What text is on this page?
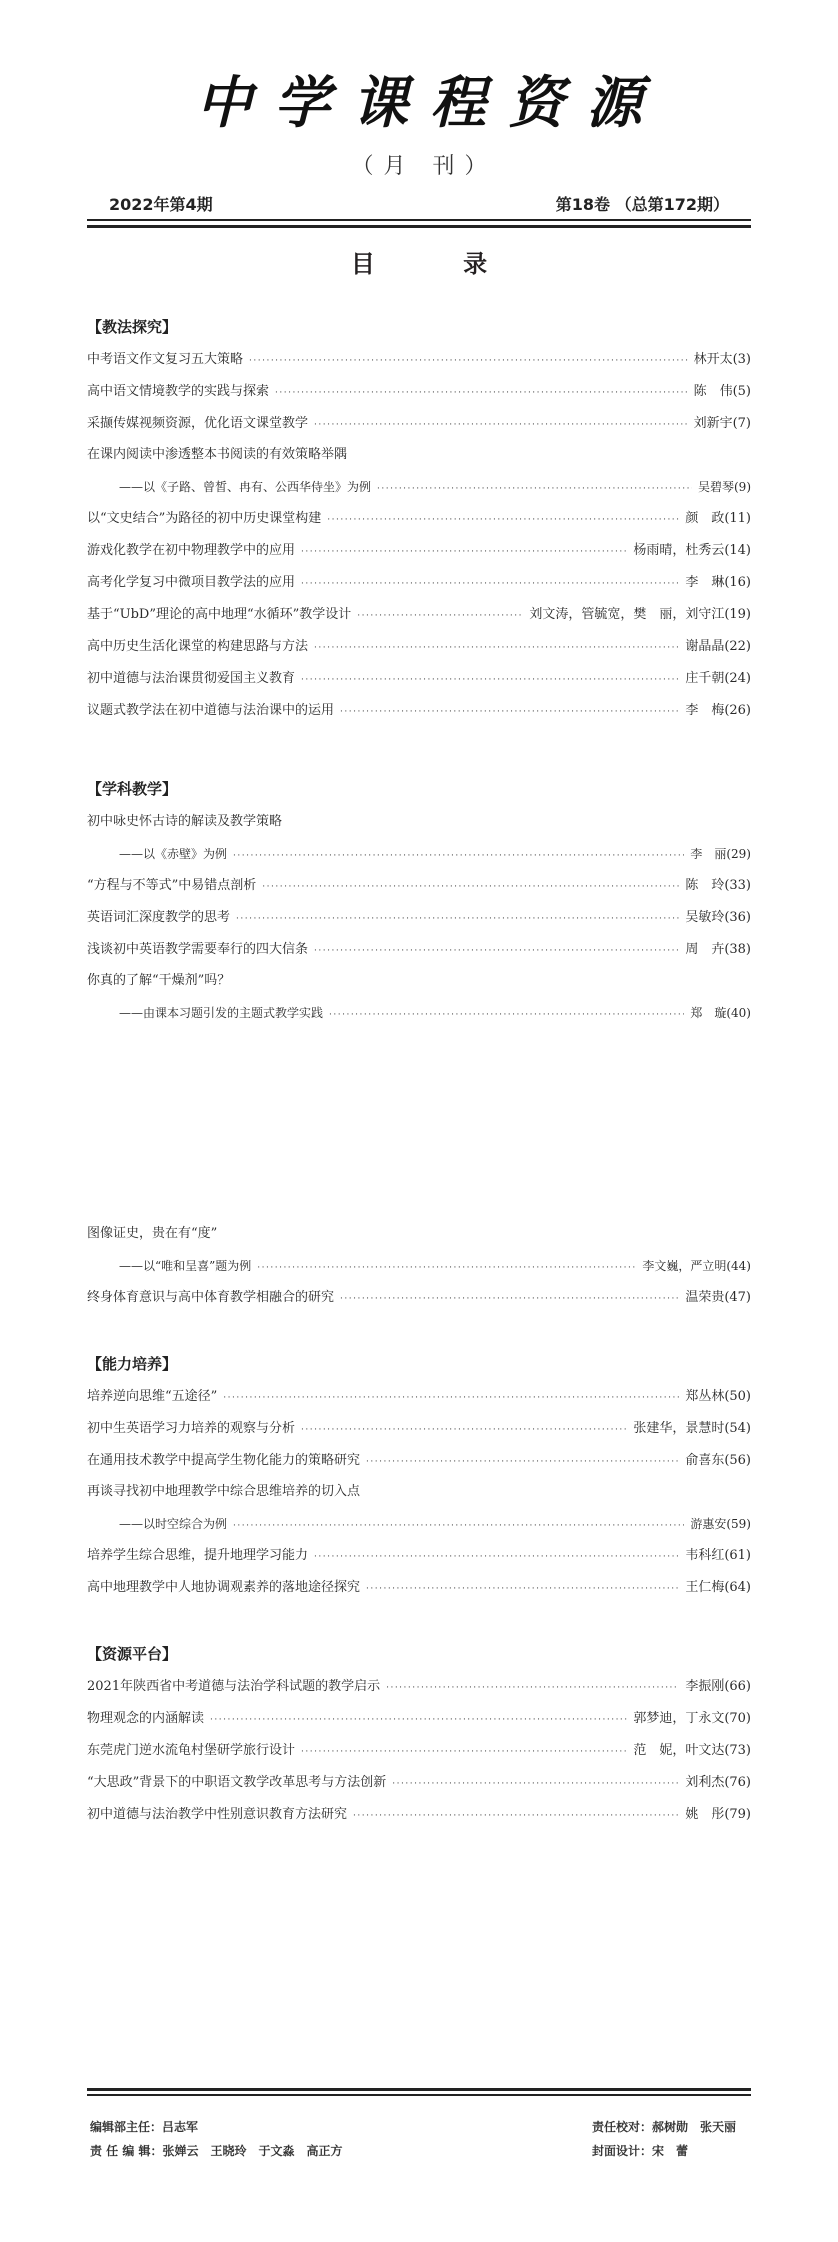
中学课程资源
（月 刊）
2022年第4期	第18卷 （总第172期）
目 录
【教法探究】
中考语文作文复习五大策略 ·····	林开太(3)
高中语文情境教学的实践与探索 ·····	陈　伟(5)
采撷传媒视频资源，优化语文课堂教学 ·····	刘新宇(7)
在课内阅读中渗透整本书阅读的有效策略举隅
——以《子路、曾皙、冉有、公西华侍坐》为例 ·····	吴碧琴(9)
以“文史结合”为路径的初中历史课堂构建 ·····	颜　政(11)
游戏化教学在初中物理教学中的应用 ·····	杨雨晴，杜秀云(14)
高考化学复习中微项目教学法的应用 ·····	李　琳(16)
基于“UbD”理论的高中地理“水循环”教学设计 ·····	刘文涛，管毓宽，樊　丽，刘守江(19)
高中历史生活化课堂的构建思路与方法 ·····	谢晶晶(22)
初中道德与法治课贯彻爱国主义教育 ·····	庄千朝(24)
议题式教学法在初中道德与法治课中的运用 ·····	李　梅(26)
【学科教学】
初中咏史怀古诗的解读及教学策略
——以《赤壁》为例 ·····	李　丽(29)
“方程与不等式”中易错点剖析 ·····	陈　玲(33)
英语词汇深度教学的思考 ·····	吴敏玲(36)
浅谈初中英语教学需要奉行的四大信条 ·····	周　卉(38)
你真的了解“干燥剂”吗？
——由课本习题引发的主题式教学实践 ·····	郑　璇(40)
图像证史，贵在有“度”
——以“唯和呈喜”题为例 ·····	李文巍，严立明(44)
终身体育意识与高中体育教学相融合的研究 ·····	温荣贵(47)
【能力培养】
培养逆向思维“五途径” ·····	郑丛林(50)
初中生英语学习力培养的观察与分析 ·····	张建华，景慧时(54)
在通用技术教学中提高学生物化能力的策略研究 ·····	俞喜东(56)
再谈寻找初中地理教学中综合思维培养的切入点
——以时空综合为例 ·····	游惠安(59)
培养学生综合思维，提升地理学习能力 ·····	韦科红(61)
高中地理教学中人地协调观素养的落地途径探究 ·····	王仁梅(64)
【资源平台】
2021年陕西省中考道德与法治学科试题的教学启示 ·····	李振刚(66)
物理观念的内涵解读 ·····	郭梦迪，丁永文(70)
东莞虎门逆水流龟村堡研学旅行设计 ·····	范　妮，叶文达(73)
“大思政”背景下的中职语文教学改革思考与方法创新 ·····	刘利杰(76)
初中道德与法治教学中性别意识教育方法研究 ·····	姚　彤(79)
编辑部主任：吕志军
责 任 编 辑：张婵云　王晓玲　于文淼　高正方
责任校对：郝树勋　张天丽
封面设计：宋　蕾
